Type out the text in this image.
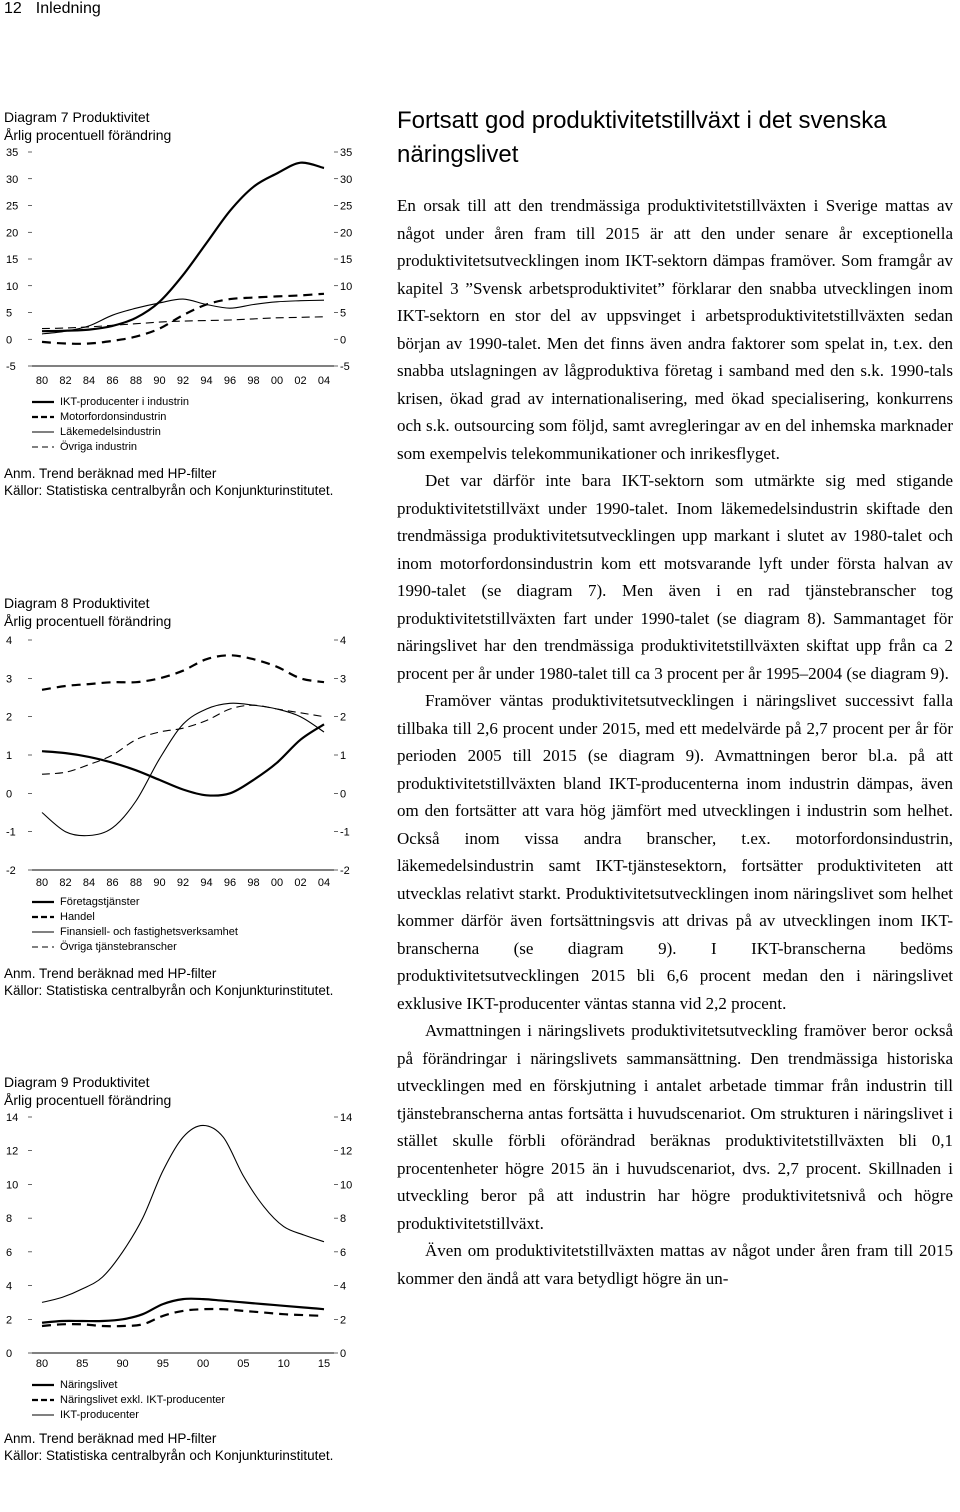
12 Inledning
Diagram 7 Produktivitet
Årlig procentuell förändring
35	35
30	30
25	25
20	20
15	15
10	10
5	5
0	0
-5	-5
80 82 84 86 88 90 92 94 96 98 00 02 04
IKT-producenter i industrin
Motorfordonsindustrin
Läkemedelsindustrin
Övriga industrin
Anm. Trend beräknad med HP-filter
Källor: Statistiska centralbyrån och Konjunkturinstitutet.
Diagram 8 Produktivitet
Årlig procentuell förändring
4	4
3	3
2	2
1	1
0	0
-1	-1
-2	-2
80 82 84 86 88 90 92 94 96 98 00 02 04
Företagstjänster
Handel
Finansiell- och fastighetsverksamhet
Övriga tjänstebranscher
Anm. Trend beräknad med HP-filter
Källor: Statistiska centralbyrån och Konjunkturinstitutet.
Diagram 9 Produktivitet
Årlig procentuell förändring
14	14
12	12
10	10
8	8
6	6
4	4
2	2
0	0
80	85	90	95	00	05	10	15
Näringslivet
Näringslivet exkl. IKT-producenter
IKT-producenter
Anm. Trend beräknad med HP-filter
Källor: Statistiska centralbyrån och Konjunkturinstitutet.
Fortsatt god produktivitetstillväxt i det svenska näringslivet

En orsak till att den trendmässiga produktivitetstillväxten i Sverige mattas av något under åren fram till 2015 är att den under senare år exceptionella produktivitetsutvecklingen inom IKT-sektorn dämpas framöver. Som framgår av kapitel 3 ”Svensk arbetsproduktivitet” förklarar den snabba utvecklingen inom IKT-sektorn en stor del av uppsvinget i arbetsproduktivitetstillväxten sedan början av 1990-talet. Men det finns även andra faktorer som spelat in, t.ex. den snabba utslagningen av lågproduktiva företag i samband med den s.k. 1990-tals krisen, ökad grad av internationalisering, med ökad specialisering, konkurrens och s.k. outsourcing som följd, samt avregleringar av en del inhemska marknader som exempelvis telekommunikationer och inrikesflyget.

Det var därför inte bara IKT-sektorn som utmärkte sig med stigande produktivitetstillväxt under 1990-talet. Inom läkemedelsindustrin skiftade den trendmässiga produktivitetsutvecklingen upp markant i slutet av 1980-talet och inom motorfordonsindustrin kom ett motsvarande lyft under första halvan av 1990-talet (se diagram 7). Men även i en rad tjänstebranscher tog produktivitetstillväxten fart under 1990-talet (se diagram 8). Sammantaget för näringslivet har den trendmässiga produktivitetstillväxten skiftat upp från ca 2 procent per år under 1980-talet till ca 3 procent per år 1995–2004 (se diagram 9).

Framöver väntas produktivitetsutvecklingen i näringslivet successivt falla tillbaka till 2,6 procent under 2015, med ett medelvärde på 2,7 procent per år för perioden 2005 till 2015 (se diagram 9). Avmattningen beror bl.a. på att produktivitetstillväxten bland IKT-producenterna inom industrin dämpas, även om den fortsätter att vara hög jämfört med utvecklingen i industrin som helhet. Också inom vissa andra branscher, t.ex. motorfordonsindustrin, läkemedelsindustrin samt IKT-tjänstesektorn, fortsätter produktiviteten att utvecklas relativt starkt. Produktivitetsutvecklingen inom näringslivet som helhet kommer därför även fortsättningsvis att drivas på av utvecklingen inom IKT-branscherna (se diagram 9). I IKT-branscherna bedöms produktivitetsutvecklingen 2015 bli 6,6 procent medan den i näringslivet exklusive IKT-producenter väntas stanna vid 2,2 procent.

Avmattningen i näringslivets produktivitetsutveckling framöver beror också på förändringar i näringslivets sammansättning. Den trendmässiga historiska utvecklingen med en förskjutning i antalet arbetade timmar från industrin till tjänstebranscherna antas fortsätta i huvudscenariot. Om strukturen i näringslivet i stället skulle förbli oförändrad beräknas produktivitetstillväxten bli 0,1 procentenheter högre 2015 än i huvudscenariot, dvs. 2,7 procent. Skillnaden i utveckling beror på att industrin har högre produktivitetsnivå och högre produktivitetstillväxt.

Även om produktivitetstillväxten mattas av något under åren fram till 2015 kommer den ändå att vara betydligt högre än un-
